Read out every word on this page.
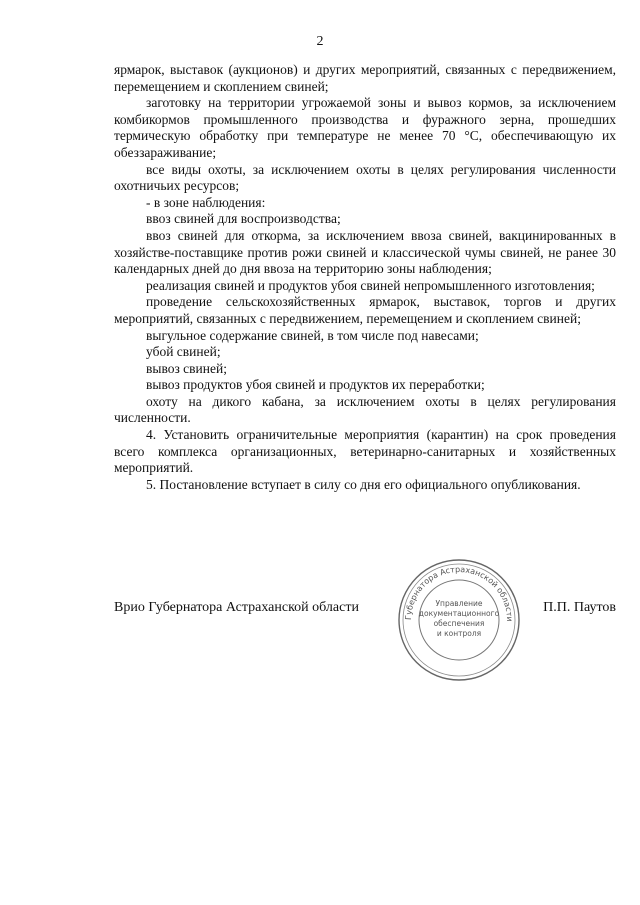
2

ярмарок, выставок (аукционов) и других мероприятий, связанных с передвижением, перемещением и скоплением свиней;

заготовку на территории угрожаемой зоны и вывоз кормов, за исключением комбикормов промышленного производства и фуражного зерна, прошедших термическую обработку при температуре не менее 70 °С, обеспечивающую их обеззараживание;

все виды охоты, за исключением охоты в целях регулирования численности охотничьих ресурсов;

- в зоне наблюдения:

ввоз свиней для воспроизводства;

ввоз свиней для откорма, за исключением ввоза свиней, вакцинированных в хозяйстве-поставщике против рожи свиней и классической чумы свиней, не ранее 30 календарных дней до дня ввоза на территорию зоны наблюдения;

реализация свиней и продуктов убоя свиней непромышленного изготовления;

проведение сельскохозяйственных ярмарок, выставок, торгов и других мероприятий, связанных с передвижением, перемещением и скоплением свиней;

выгульное содержание свиней, в том числе под навесами;

убой свиней;

вывоз свиней;

вывоз продуктов убоя свиней и продуктов их переработки;

охоту на дикого кабана, за исключением охоты в целях регулирования численности.

4. Установить ограничительные мероприятия (карантин) на срок проведения всего комплекса организационных, ветеринарно-санитарных и хозяйственных мероприятий.

5. Постановление вступает в силу со дня его официального опубликования.

Врио Губернатора Астраханской области	П.П. Паутов
Губернатора Астраханской области
Управление
документационного
обеспечения
и контроля
